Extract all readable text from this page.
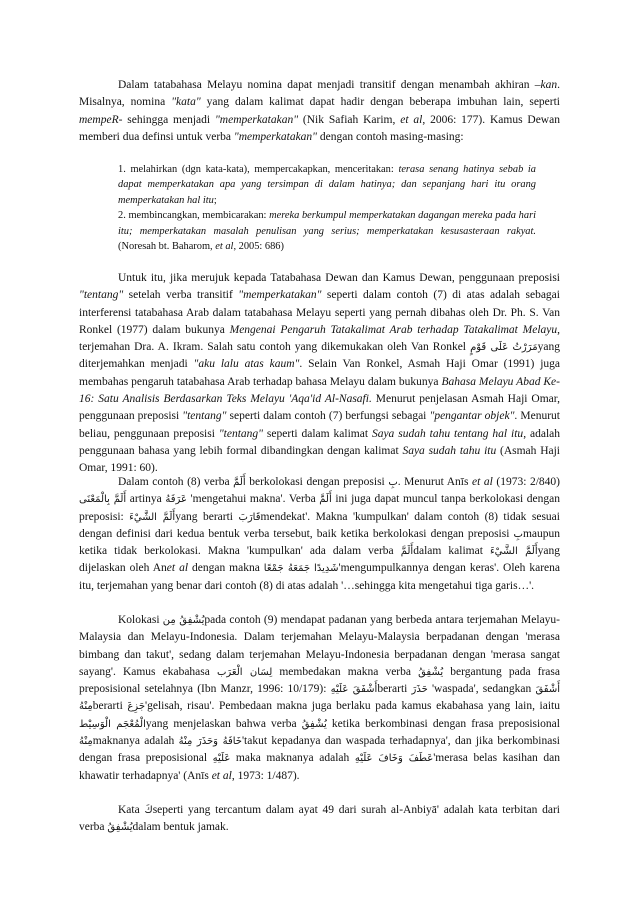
Dalam tatabahasa Melayu nomina dapat menjadi transitif dengan menambah akhiran –kan. Misalnya, nomina "kata" yang dalam kalimat dapat hadir dengan beberapa imbuhan lain, seperti mempeR- sehingga menjadi "memperkatakan" (Nik Safiah Karim, et al, 2006: 177). Kamus Dewan memberi dua definsi untuk verba "memperkatakan" dengan contoh masing-masing:

1. melahirkan (dgn kata-kata), mempercakapkan, menceritakan: terasa senang hatinya sebab ia dapat memperkatakan apa yang tersimpan di dalam hatinya; dan sepanjang hari itu orang memperkatakan hal itu;
2. membincangkan, membicarakan: mereka berkumpul memperkatakan dagangan mereka pada hari itu; memperkatakan masalah penulisan yang serius; memperkatakan kesusasteraan rakyat. (Noresah bt. Baharom, et al, 2005: 686)

Untuk itu, jika merujuk kepada Tatabahasa Dewan dan Kamus Dewan, penggunaan preposisi "tentang" setelah verba transitif "memperkatakan" seperti dalam contoh (7) di atas adalah sebagai interferensi tatabahasa Arab dalam tatabahasa Melayu seperti yang pernah dibahas oleh Dr. Ph. S. Van Ronkel (1977) dalam bukunya Mengenai Pengaruh Tatakalimat Arab terhadap Tatakalimat Melayu, terjemahan Dra. A. Ikram. Salah satu contoh yang dikemukakan oleh Van Ronkel مَرَرْتُ عَلَى قَوْمٍyang diterjemahkan menjadi "aku lalu atas kaum". Selain Van Ronkel, Asmah Haji Omar (1991) juga membahas pengaruh tatabahasa Arab terhadap bahasa Melayu dalam bukunya Bahasa Melayu Abad Ke-16: Satu Analisis Berdasarkan Teks Melayu 'Aqa'id Al-Nasafi. Menurut penjelasan Asmah Haji Omar, penggunaan preposisi "tentang" seperti dalam contoh (7) berfungsi sebagai "pengantar objek". Menurut beliau, penggunaan preposisi "tentang" seperti dalam kalimat Saya sudah tahu tentang hal itu, adalah penggunaan bahasa yang lebih formal dibandingkan dengan kalimat Saya sudah tahu itu (Asmah Haji Omar, 1991: 60).

Dalam contoh (8) verba أَلَمَّ berkolokasi dengan preposisi بِ. Menurut Anīs et al (1973: 2/840) أَلَمَّ بِالْمَعْنَى artinya عَرَفَهُ 'mengetahui makna'. Verba أَلَمَّ ini juga dapat muncul tanpa berkolokasi dengan preposisi: أَلَمَّ الشَّيْءَyang berarti قَارَبَmendekat'. Makna 'kumpulkan' dalam contoh (8) tidak sesuai dengan definisi dari kedua bentuk verba tersebut, baik ketika berkolokasi dengan preposisi بِmaupun ketika tidak berkolokasi. Makna 'kumpulkan' ada dalam verba أَلَمَّdalam kalimat أَلَمَّ الشَّيْءَyang dijelaskan oleh Anet al dengan makna جَمَعَهُ جَمْعًا شَدِيدًا'mengumpulkannya dengan keras'. Oleh karena itu, terjemahan yang benar dari contoh (8) di atas adalah '…sehingga kita mengetahui tiga garis…'.

Kolokasi يُشْفِقُ مِنpada contoh (9) mendapat padanan yang berbeda antara terjemahan Melayu-Malaysia dan Melayu-Indonesia. Dalam terjemahan Melayu-Malaysia berpadanan dengan 'merasa bimbang dan takut', sedang dalam terjemahan Melayu-Indonesia berpadanan dengan 'merasa sangat sayang'. Kamus ekabahasa لِسَان الْعَرَب membedakan makna verba يُشْفِقُ bergantung pada frasa preposisional setelahnya (Ibn Manzr, 1996: 10/179): أَشْفَقَ عَلَيْهِberarti حَذَرَ 'waspada', sedangkan أَشْفَقَ مِنْهُberarti جَزِعَ'gelisah, risau'. Pembedaan makna juga berlaku pada kamus ekabahasa yang lain, iaitu الْمُعْجَم الْوَسِيْطyang menjelaskan bahwa verba يُشْفِقُ ketika berkombinasi dengan frasa preposisional مِنْهُmaknanya adalah خَافَهُ وَحَذَرَ مِنْهُ'takut kepadanya dan waspada terhadapnya', dan jika berkombinasi dengan frasa preposisional عَلَيْهِ maka maknanya adalah عَطَفَ وَخَافَ عَلَيْهِ'merasa belas kasihan dan khawatir terhadapnya' (Anīs et al, 1973: 1/487).

Kata كَseperti yang tercantum dalam ayat 49 dari surah al-Anbiyā' adalah kata terbitan dari verba يُشْفِقُdalam bentuk jamak.
